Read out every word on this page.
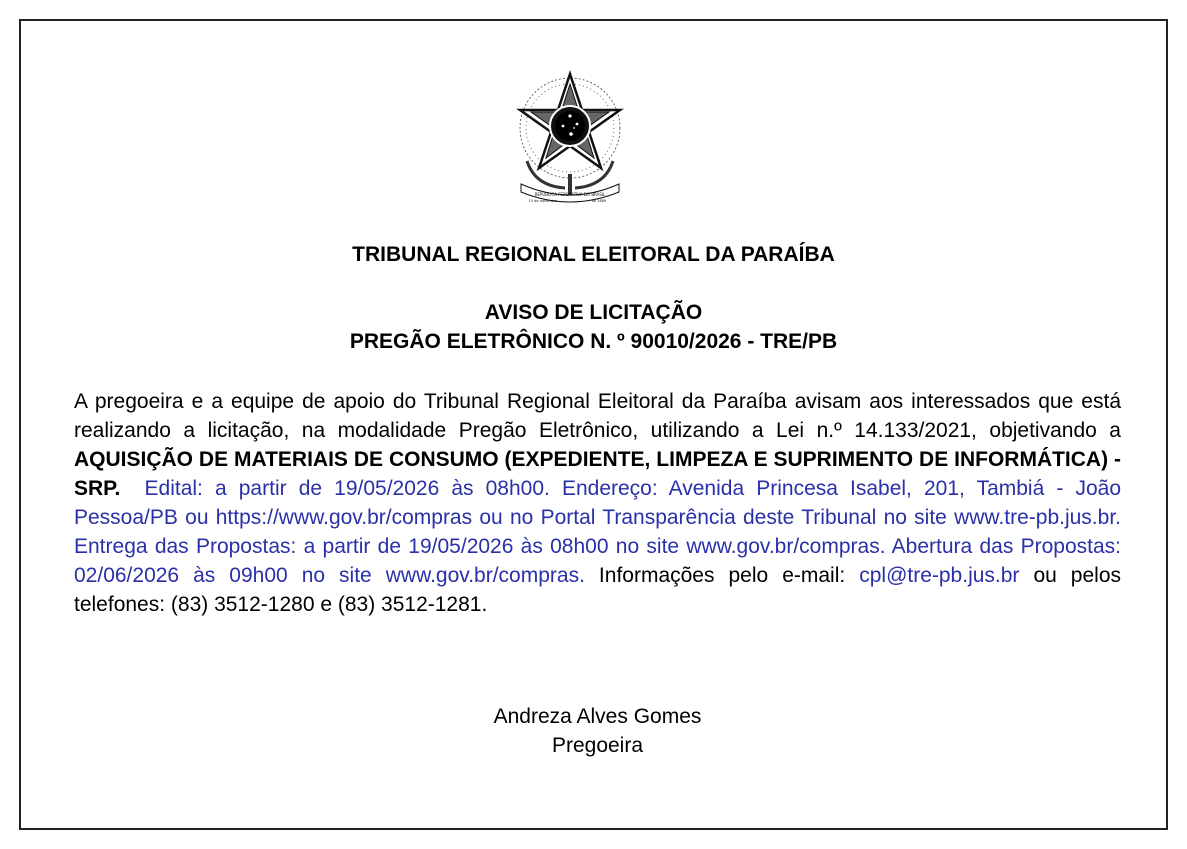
REPÚBLICA FEDERATIVA DO BRASIL
15 de novembro	de 1889
TRIBUNAL REGIONAL ELEITORAL DA PARAÍBA
AVISO DE LICITAÇÃO
PREGÃO ELETRÔNICO N. º 90010/2026 - TRE/PB
A pregoeira e a equipe de apoio do Tribunal Regional Eleitoral da Paraíba avisam aos interessados que está realizando a licitação, na modalidade Pregão Eletrônico, utilizando a Lei n.º 14.133/2021, objetivando a AQUISIÇÃO DE MATERIAIS DE CONSUMO (EXPEDIENTE, LIMPEZA E SUPRIMENTO DE INFORMÁTICA) - SRP. Edital: a partir de 19/05/2026 às 08h00. Endereço: Avenida Princesa Isabel, 201, Tambiá - João Pessoa/PB ou https://www.gov.br/compras ou no Portal Transparência deste Tribunal no site www.tre-pb.jus.br. Entrega das Propostas: a partir de 19/05/2026 às 08h00 no site www.gov.br/compras. Abertura das Propostas: 02/06/2026 às 09h00 no site www.gov.br/compras. Informações pelo e-mail: cpl@tre-pb.jus.br ou pelos telefones: (83) 3512-1280 e (83) 3512-1281.
Andreza Alves Gomes
Pregoeira
